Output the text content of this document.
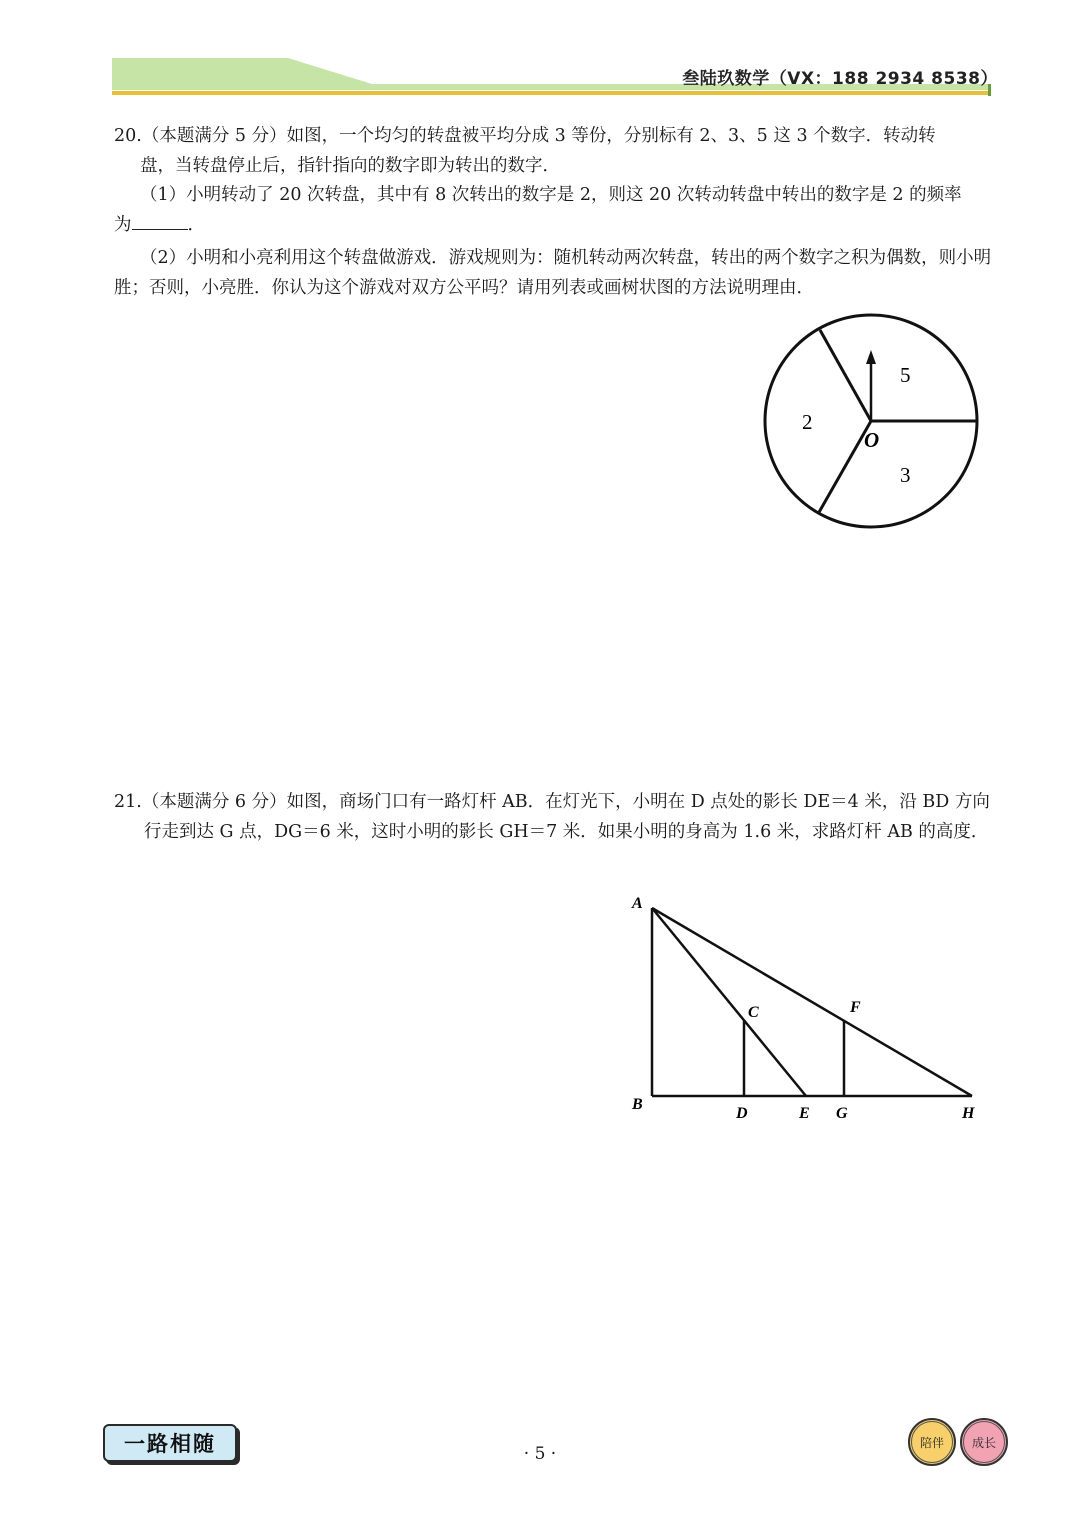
叁陆玖数学（VX：188 2934 8538）

20.（本题满分 5 分）如图，一个均匀的转盘被平均分成 3 等份，分别标有 2、3、5 这 3 个数字．转动转

盘，当转盘停止后，指针指向的数字即为转出的数字．

（1）小明转动了 20 次转盘，其中有 8 次转出的数字是 2，则这 20 次转动转盘中转出的数字是 2 的频率

为	．

（2）小明和小亮利用这个转盘做游戏．游戏规则为：随机转动两次转盘，转出的两个数字之积为偶数，则小明胜；否则，小亮胜．你认为这个游戏对双方公平吗？请用列表或画树状图的方法说明理由．

5
2
3
O

21.（本题满分 6 分）如图，商场门口有一路灯杆 AB．在灯光下，小明在 D 点处的影长 DE＝4 米，沿 BD 方向行走到达 G 点，DG＝6 米，这时小明的影长 GH＝7 米．如果小明的身高为 1.6 米，求路灯杆 AB 的高度．

A
B
C
D	E
F
G	H
一路相随	· 5 ·
陪伴	成长
